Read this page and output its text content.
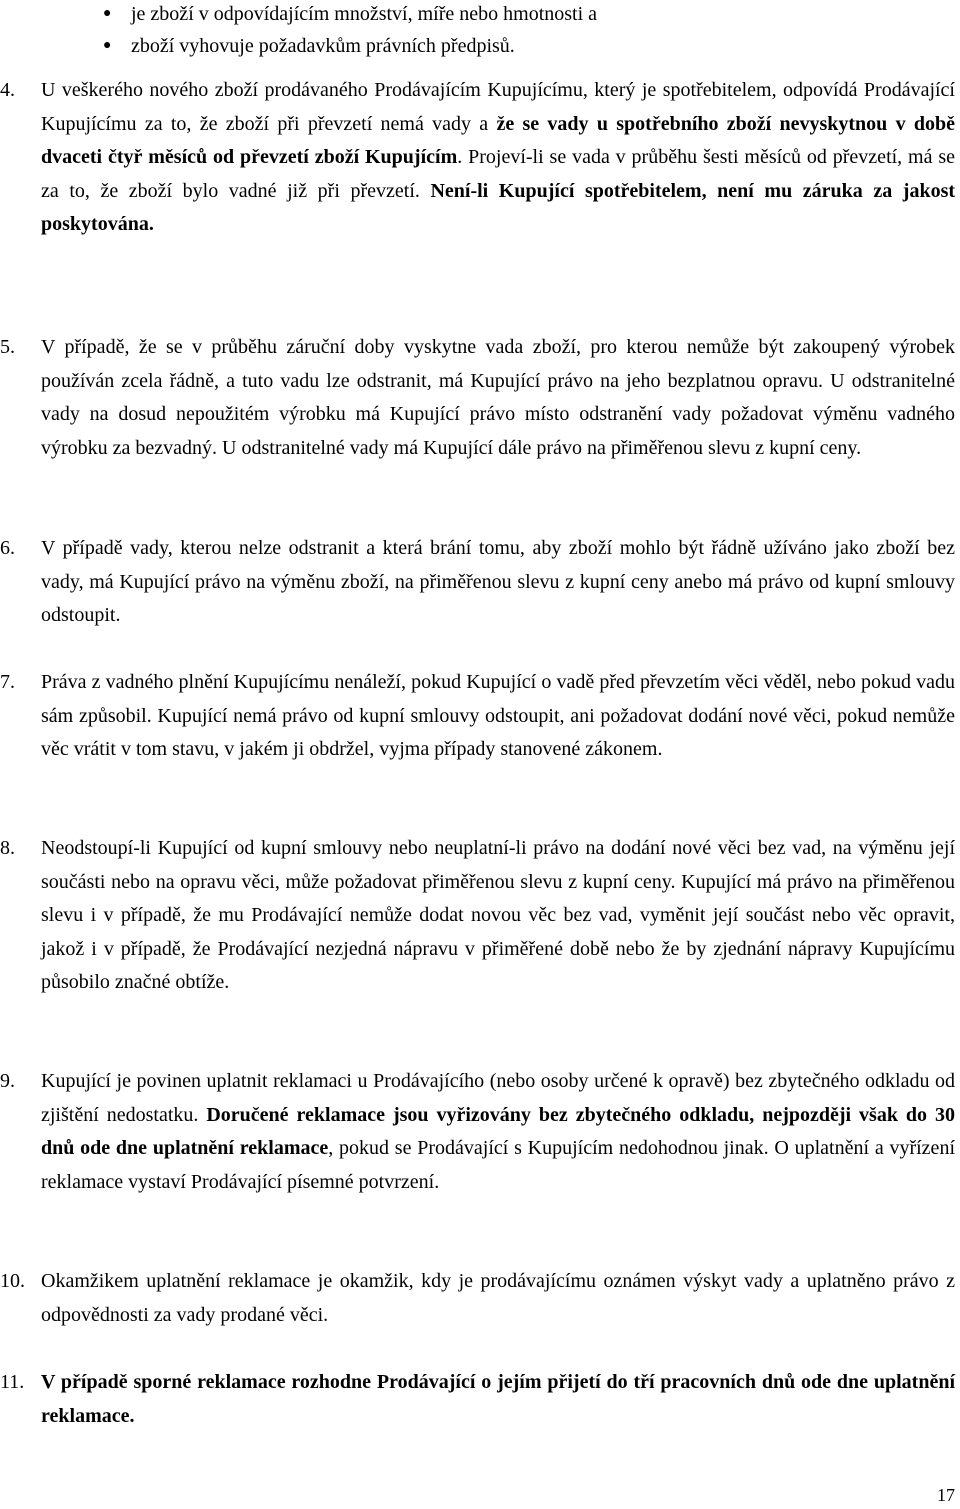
● je zboží v odpovídajícím množství, míře nebo hmotnosti a
● zboží vyhovuje požadavkům právních předpisů.
4.	U veškerého nového zboží prodávaného Prodávajícím Kupujícímu, který je spotřebitelem, odpovídá Prodávající Kupujícímu za to, že zboží při převzetí nemá vady a že se vady u spotřebního zboží nevyskytnou v době dvaceti čtyř měsíců od převzetí zboží Kupujícím. Projeví-li se vada v průběhu šesti měsíců od převzetí, má se za to, že zboží bylo vadné již při převzetí. Není-li Kupující spotřebitelem, není mu záruka za jakost poskytována.
5.	V případě, že se v průběhu záruční doby vyskytne vada zboží, pro kterou nemůže být zakoupený výrobek používán zcela řádně, a tuto vadu lze odstranit, má Kupující právo na jeho bezplatnou opravu. U odstranitelné vady na dosud nepoužitém výrobku má Kupující právo místo odstranění vady požadovat výměnu vadného výrobku za bezvadný. U odstranitelné vady má Kupující dále právo na přiměřenou slevu z kupní ceny.
6.	V případě vady, kterou nelze odstranit a která brání tomu, aby zboží mohlo být řádně užíváno jako zboží bez vady, má Kupující právo na výměnu zboží, na přiměřenou slevu z kupní ceny anebo má právo od kupní smlouvy odstoupit.
7.	Práva z vadného plnění Kupujícímu nenáleží, pokud Kupující o vadě před převzetím věci věděl, nebo pokud vadu sám způsobil. Kupující nemá právo od kupní smlouvy odstoupit, ani požadovat dodání nové věci, pokud nemůže věc vrátit v tom stavu, v jakém ji obdržel, vyjma případy stanovené zákonem.
8.	Neodstoupí-li Kupující od kupní smlouvy nebo neuplatní-li právo na dodání nové věci bez vad, na výměnu její součásti nebo na opravu věci, může požadovat přiměřenou slevu z kupní ceny. Kupující má právo na přiměřenou slevu i v případě, že mu Prodávající nemůže dodat novou věc bez vad, vyměnit její součást nebo věc opravit, jakož i v případě, že Prodávající nezjedná nápravu v přiměřené době nebo že by zjednání nápravy Kupujícímu působilo značné obtíže.
9.	Kupující je povinen uplatnit reklamaci u Prodávajícího (nebo osoby určené k opravě) bez zbytečného odkladu od zjištění nedostatku. Doručené reklamace jsou vyřizovány bez zbytečného odkladu, nejpozději však do 30 dnů ode dne uplatnění reklamace, pokud se Prodávající s Kupujícím nedohodnou jinak. O uplatnění a vyřízení reklamace vystaví Prodávající písemné potvrzení.
10. Okamžikem uplatnění reklamace je okamžik, kdy je prodávajícímu oznámen výskyt vady a uplatněno právo z odpovědnosti za vady prodané věci.
11. V případě sporné reklamace rozhodne Prodávající o jejím přijetí do tří pracovních dnů ode dne uplatnění reklamace.
17
